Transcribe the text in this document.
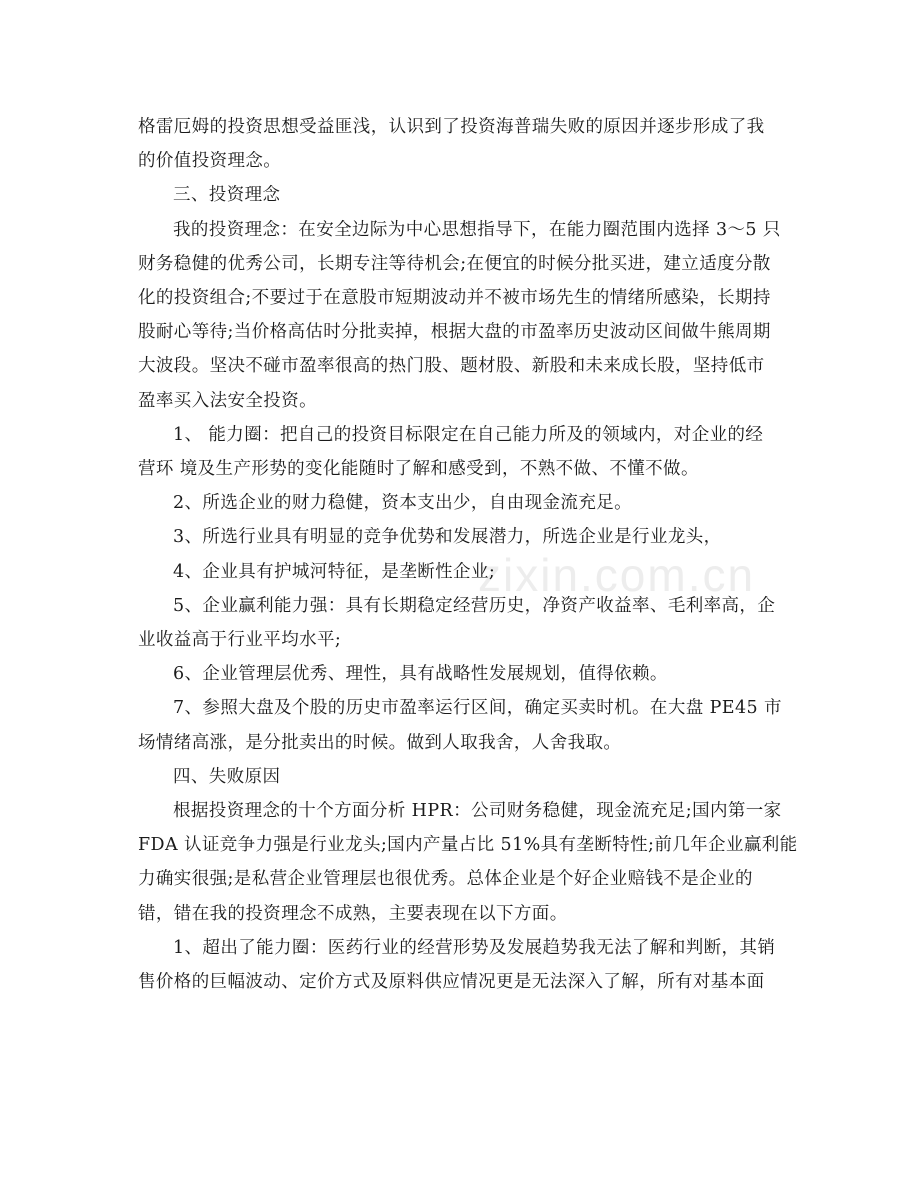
zixin.com.cn
格雷厄姆的投资思想受益匪浅，认识到了投资海普瑞失败的原因并逐步形成了我
的价值投资理念。
三、投资理念
我的投资理念：在安全边际为中心思想指导下，在能力圈范围内选择 3～5 只
财务稳健的优秀公司，长期专注等待机会;在便宜的时候分批买进，建立适度分散
化的投资组合;不要过于在意股市短期波动并不被市场先生的情绪所感染，长期持
股耐心等待;当价格高估时分批卖掉，根据大盘的市盈率历史波动区间做牛熊周期
大波段。坚决不碰市盈率很高的热门股、题材股、新股和未来成长股，坚持低市
盈率买入法安全投资。
1、 能力圈：把自己的投资目标限定在自己能力所及的领域内，对企业的经
营环 境及生产形势的变化能随时了解和感受到，不熟不做、不懂不做。
2、所选企业的财力稳健，资本支出少，自由现金流充足。
3、所选行业具有明显的竞争优势和发展潜力，所选企业是行业龙头，
4、企业具有护城河特征，是垄断性企业;
5、企业赢利能力强：具有长期稳定经营历史，净资产收益率、毛利率高，企
业收益高于行业平均水平;
6、企业管理层优秀、理性，具有战略性发展规划，值得依赖。
7、参照大盘及个股的历史市盈率运行区间，确定买卖时机。在大盘 PE45 市
场情绪高涨，是分批卖出的时候。做到人取我舍，人舍我取。
四、失败原因
根据投资理念的十个方面分析 HPR：公司财务稳健，现金流充足;国内第一家
FDA 认证竞争力强是行业龙头;国内产量占比 51%具有垄断特性;前几年企业赢利能
力确实很强;是私营企业管理层也很优秀。总体企业是个好企业赔钱不是企业的
错，错在我的投资理念不成熟，主要表现在以下方面。
1、超出了能力圈：医药行业的经营形势及发展趋势我无法了解和判断，其销
售价格的巨幅波动、定价方式及原料供应情况更是无法深入了解，所有对基本面
